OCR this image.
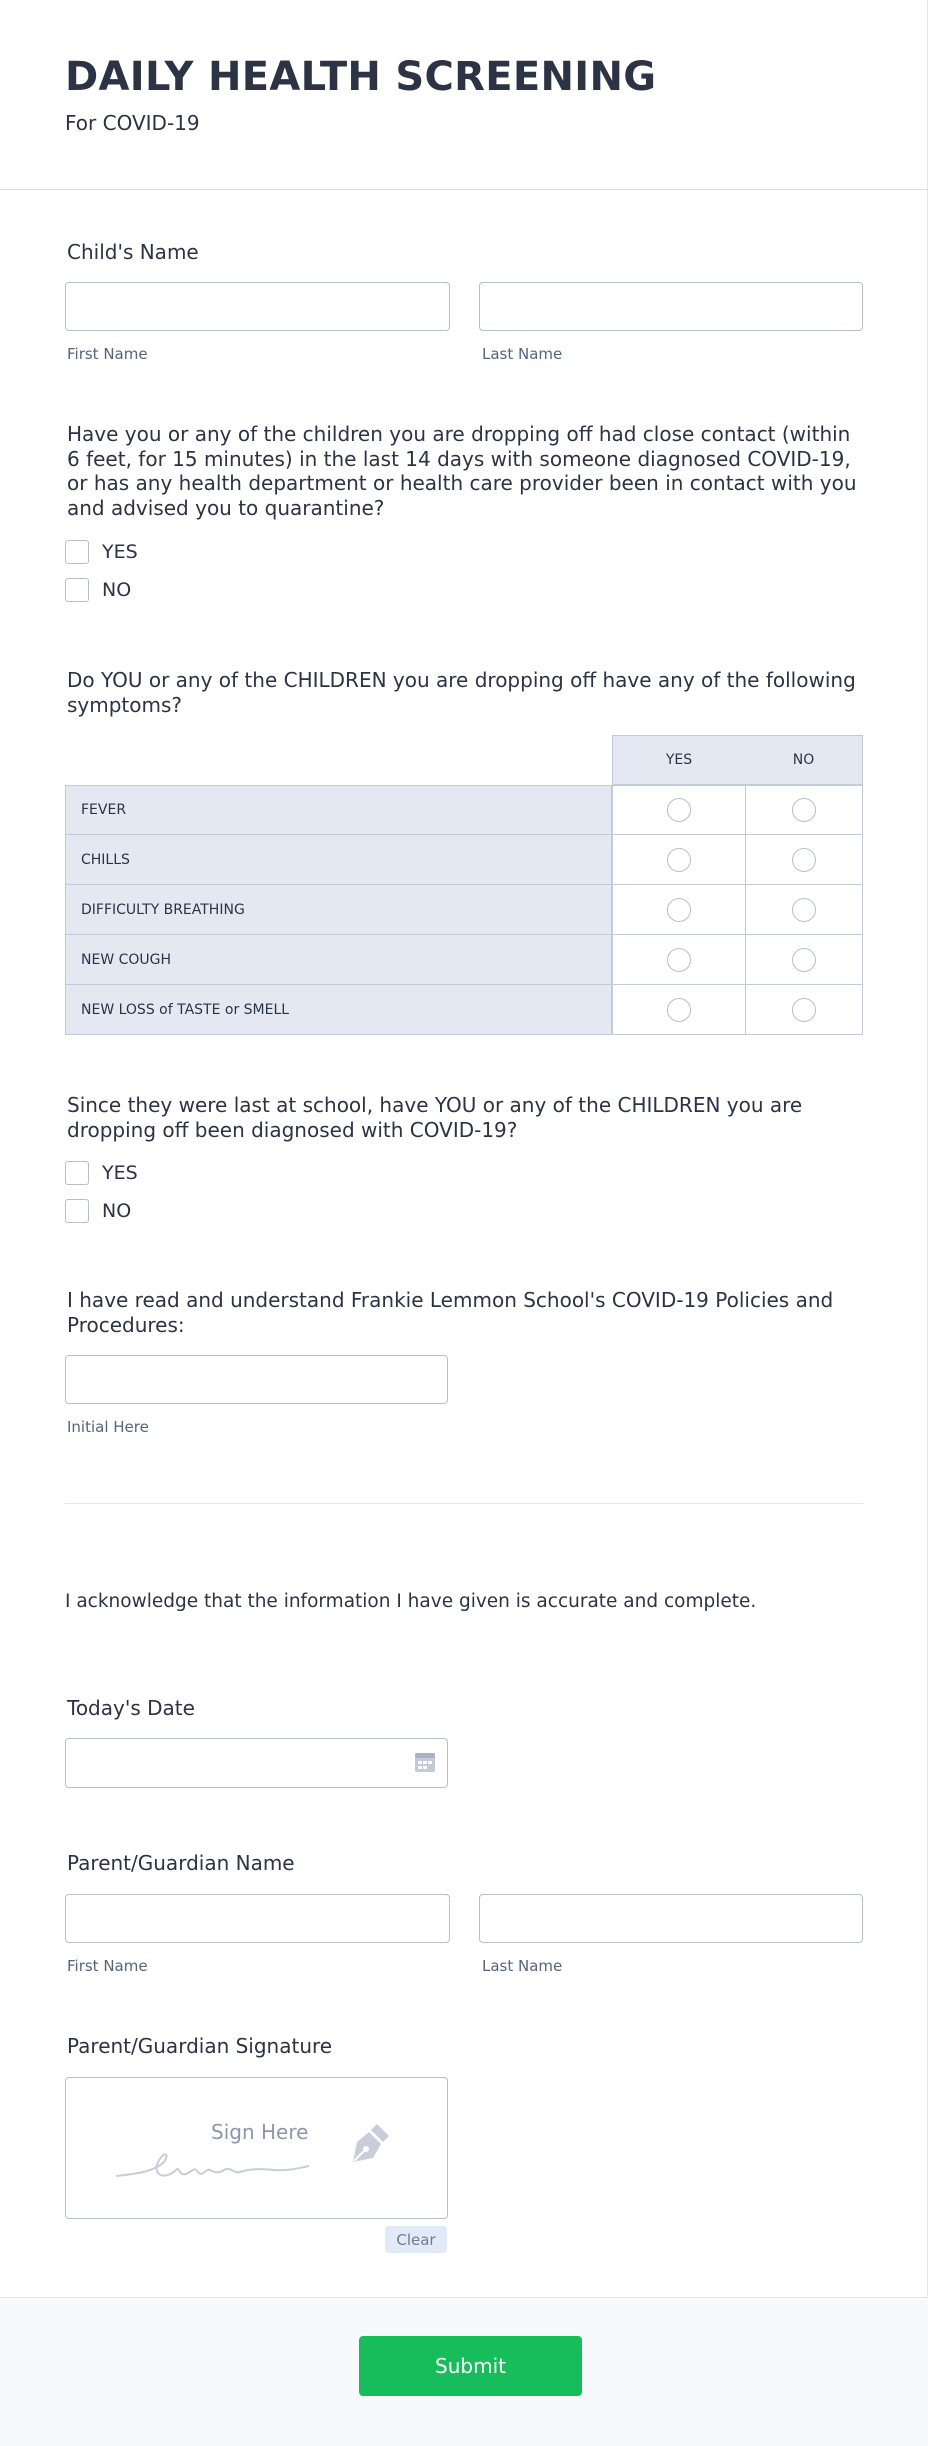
DAILY HEALTH SCREENING
For COVID-19
Child's Name
First Name	Last Name
Have you or any of the children you are dropping off had close contact (within 6 feet, for 15 minutes) in the last 14 days with someone diagnosed COVID-19, or has any health department or health care provider been in contact with you and advised you to quarantine?
YES
NO
Do YOU or any of the CHILDREN you are dropping off have any of the following symptoms?
YES	NO
FEVER
CHILLS
DIFFICULTY BREATHING
NEW COUGH
NEW LOSS of TASTE or SMELL
Since they were last at school, have YOU or any of the CHILDREN you are dropping off been diagnosed with COVID-19?
YES
NO
I have read and understand Frankie Lemmon School's COVID-19 Policies and Procedures:
Initial Here
I acknowledge that the information I have given is accurate and complete.
Today's Date
Parent/Guardian Name
First Name	Last Name
Parent/Guardian Signature
Sign Here
Clear
Submit
